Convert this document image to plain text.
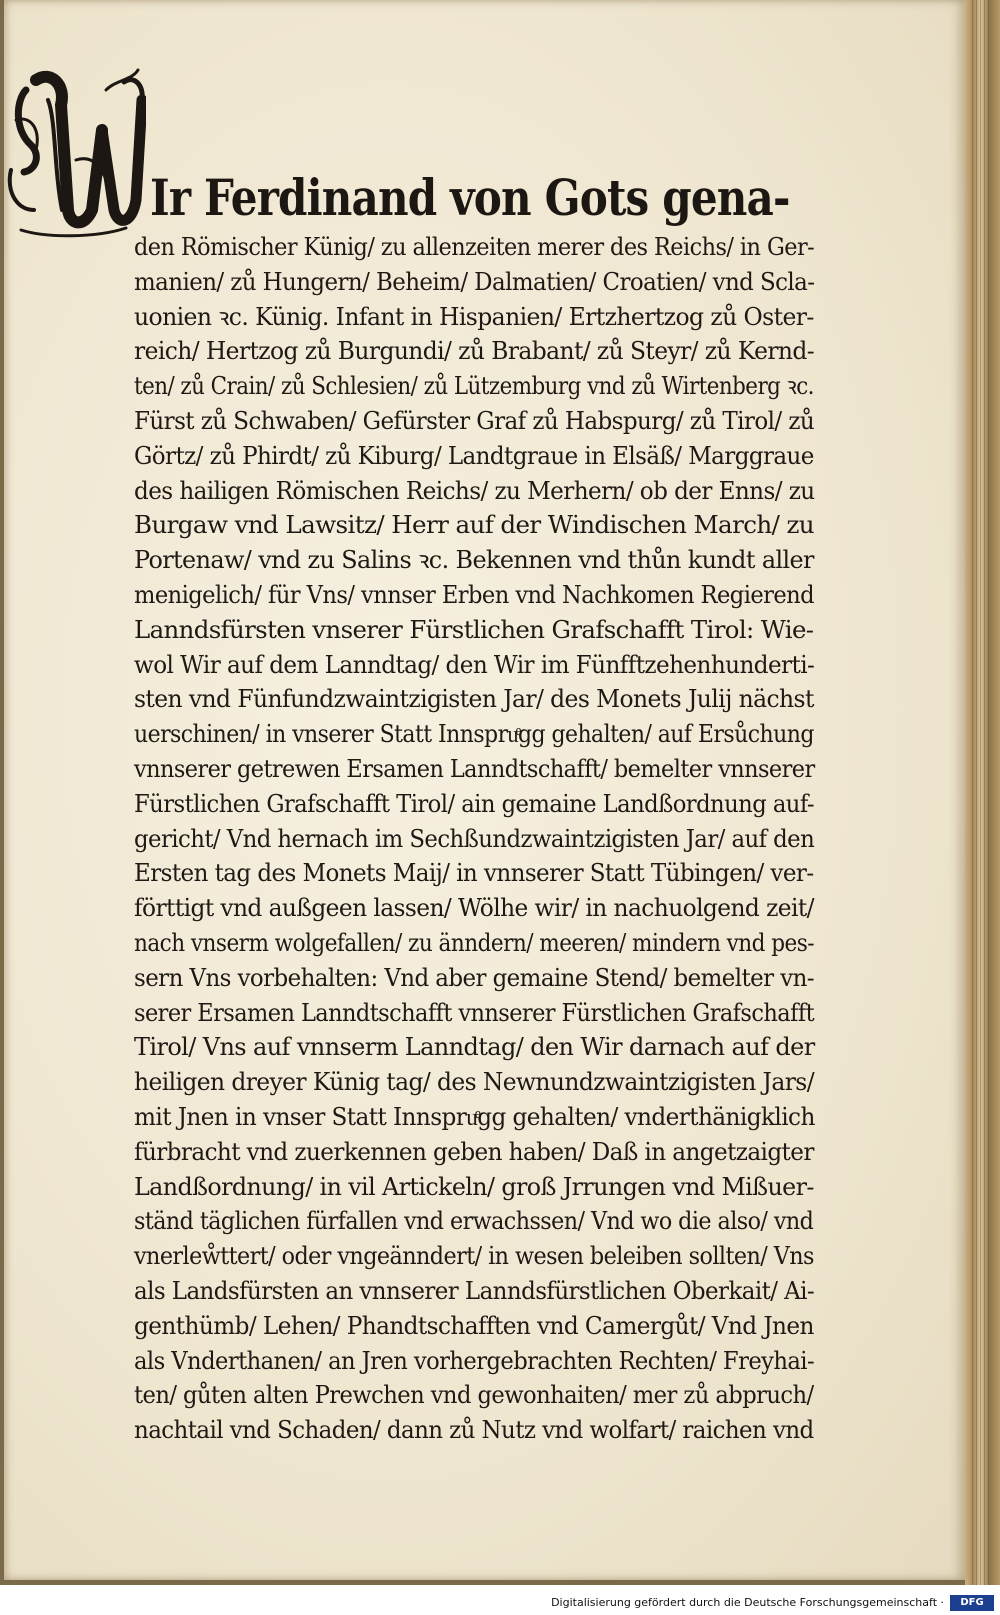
Ir Ferdinand von Gots gena-
den Römischer Künig/ zu allenzeiten merer des Reichs/ in Ger-
manien/ zů Hungern/ Beheim/ Dalmatien/ Croatien/ vnd Scla-
uonien ꝛc. Künig. Infant in Hispanien/ Ertzhertzog zů Oster-
reich/ Hertzog zů Burgundi/ zů Brabant/ zů Steyr/ zů Kernd-
ten/ zů Crain/ zů Schlesien/ zů Lützemburg vnd zů Wirtenberg ꝛc.
Fürst zů Schwaben/ Gefürster Graf zů Habspurg/ zů Tirol/ zů
Görtz/ zů Phirdt/ zů Kiburg/ Landtgraue in Elsäß/ Marggraue
des hailigen Römischen Reichs/ zu Merhern/ ob der Enns/ zu
Burgaw vnd Lawsitz/ Herr auf der Windischen March/ zu
Portenaw/ vnd zu Salins ꝛc. Bekennen vnd thůn kundt aller
menigelich/ für Vns/ vnnser Erben vnd Nachkomen Regierend
Lanndsfürsten vnserer Fürstlichen Grafschafft Tirol: Wie-
wol Wir auf dem Lanndtag/ den Wir im Fünfftzehenhunderti-
sten vnd Fünfundzwaintzigisten Jar/ des Monets Julij nächst
uerschinen/ in vnserer Statt Innspruͤgg gehalten/ auf Ersůchung
vnnserer getrewen Ersamen Lanndtschafft/ bemelter vnnserer
Fürstlichen Grafschafft Tirol/ ain gemaine Landßordnung auf-
gericht/ Vnd hernach im Sechßundzwaintzigisten Jar/ auf den
Ersten tag des Monets Maij/ in vnnserer Statt Tübingen/ ver-
förttigt vnd außgeen lassen/ Wölhe wir/ in nachuolgend zeit/
nach vnserm wolgefallen/ zu änndern/ meeren/ mindern vnd pes-
sern Vns vorbehalten: Vnd aber gemaine Stend/ bemelter vn-
serer Ersamen Lanndtschafft vnnserer Fürstlichen Grafschafft
Tirol/ Vns auf vnnserm Lanndtag/ den Wir darnach auf der
heiligen dreyer Künig tag/ des Newnundzwaintzigisten Jars/
mit Jnen in vnser Statt Innspruͤgg gehalten/ vnderthänigklich
fürbracht vnd zuerkennen geben haben/ Daß in angetzaigter
Landßordnung/ in vil Artickeln/ groß Jrrungen vnd Mißuer-
ständ täglichen fürfallen vnd erwachssen/ Vnd wo die also/ vnd
vnerleẘttert/ oder vngeänndert/ in wesen beleiben sollten/ Vns
als Landsfürsten an vnnserer Lanndsfürstlichen Oberkait/ Ai-
genthümb/ Lehen/ Phandtschafften vnd Camergůt/ Vnd Jnen
als Vnderthanen/ an Jren vorhergebrachten Rechten/ Freyhai-
ten/ gůten alten Prewchen vnd gewonhaiten/ mer zů abpruch/
nachtail vnd Schaden/ dann zů Nutz vnd wolfart/ raichen vnd
Digitalisierung gefördert durch die Deutsche Forschungsgemeinschaft ·	DFG
